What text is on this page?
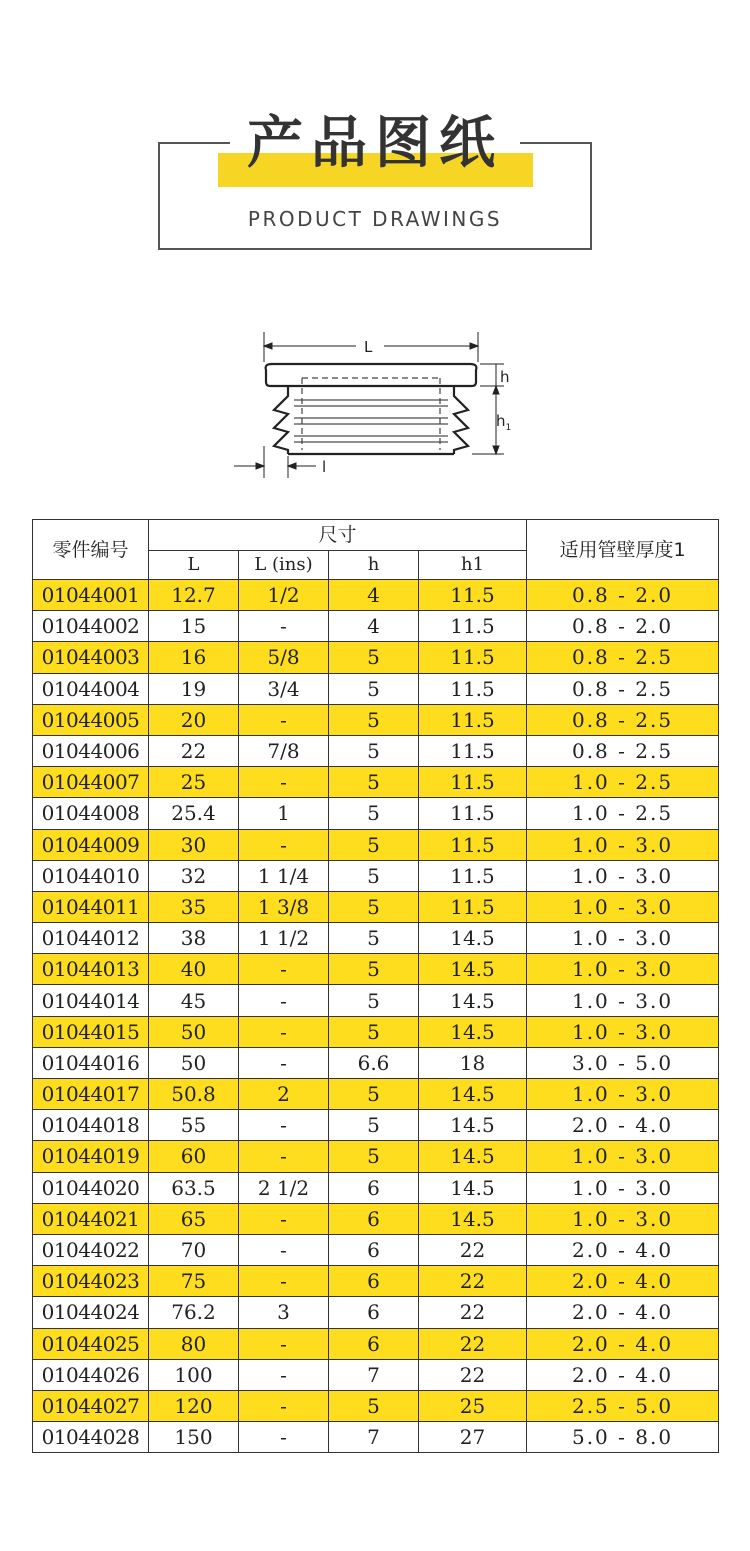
产品图纸
PRODUCT DRAWINGS
L
h
$h_1$
l
零件编号	尺寸				适用管壁厚度1
	L	L (ins)	h	h1	
01044001	12.7	1/2	4	11.5	0.8 - 2.0
01044002	15	-	4	11.5	0.8 - 2.0
01044003	16	5/8	5	11.5	0.8 - 2.5
01044004	19	3/4	5	11.5	0.8 - 2.5
01044005	20	-	5	11.5	0.8 - 2.5
01044006	22	7/8	5	11.5	0.8 - 2.5
01044007	25	-	5	11.5	1.0 - 2.5
01044008	25.4	1	5	11.5	1.0 - 2.5
01044009	30	-	5	11.5	1.0 - 3.0
01044010	32	1 1/4	5	11.5	1.0 - 3.0
01044011	35	1 3/8	5	11.5	1.0 - 3.0
01044012	38	1 1/2	5	14.5	1.0 - 3.0
01044013	40	-	5	14.5	1.0 - 3.0
01044014	45	-	5	14.5	1.0 - 3.0
01044015	50	-	5	14.5	1.0 - 3.0
01044016	50	-	6.6	18	3.0 - 5.0
01044017	50.8	2	5	14.5	1.0 - 3.0
01044018	55	-	5	14.5	2.0 - 4.0
01044019	60	-	5	14.5	1.0 - 3.0
01044020	63.5	2 1/2	6	14.5	1.0 - 3.0
01044021	65	-	6	14.5	1.0 - 3.0
01044022	70	-	6	22	2.0 - 4.0
01044023	75	-	6	22	2.0 - 4.0
01044024	76.2	3	6	22	2.0 - 4.0
01044025	80	-	6	22	2.0 - 4.0
01044026	100	-	7	22	2.0 - 4.0
01044027	120	-	5	25	2.5 - 5.0
01044028	150	-	7	27	5.0 - 8.0
